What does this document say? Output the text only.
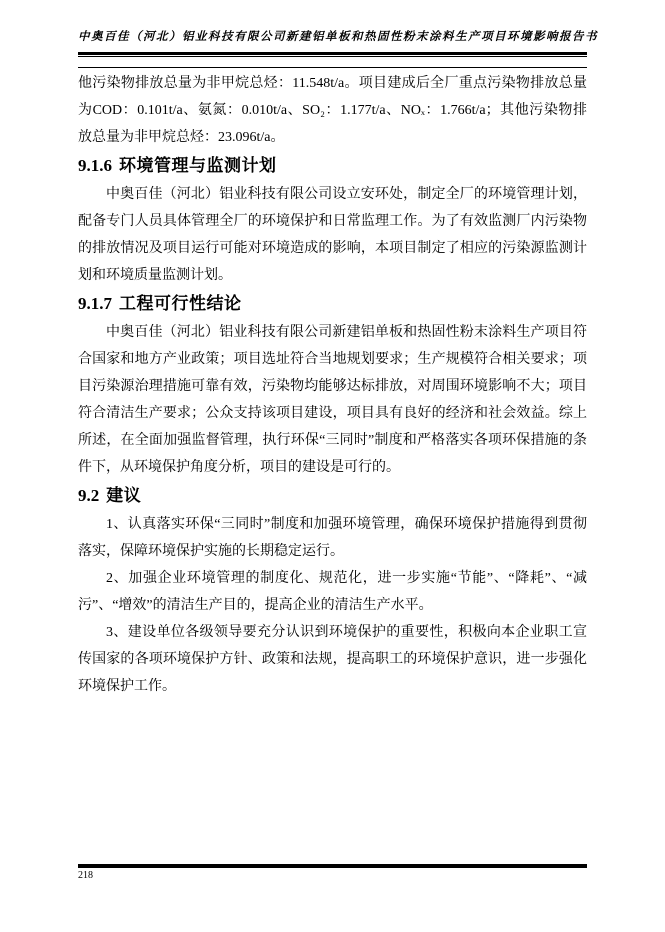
中奥百佳（河北）铝业科技有限公司新建铝单板和热固性粉末涂料生产项目环境影响报告书

他污染物排放总量为非甲烷总烃：11.548t/a。项目建成后全厂重点污染物排放总量为COD：0.101t/a、氨氮：0.010t/a、SO₂：1.177t/a、NOₓ：1.766t/a；其他污染物排放总量为非甲烷总烃：23.096t/a。

9.1.6 环境管理与监测计划

中奥百佳（河北）铝业科技有限公司设立安环处，制定全厂的环境管理计划，配备专门人员具体管理全厂的环境保护和日常监理工作。为了有效监测厂内污染物的排放情况及项目运行可能对环境造成的影响，本项目制定了相应的污染源监测计划和环境质量监测计划。

9.1.7 工程可行性结论

中奥百佳（河北）铝业科技有限公司新建铝单板和热固性粉末涂料生产项目符合国家和地方产业政策；项目选址符合当地规划要求；生产规模符合相关要求；项目污染源治理措施可靠有效，污染物均能够达标排放，对周围环境影响不大；项目符合清洁生产要求；公众支持该项目建设，项目具有良好的经济和社会效益。综上所述，在全面加强监督管理，执行环保“三同时”制度和严格落实各项环保措施的条件下，从环境保护角度分析，项目的建设是可行的。

9.2 建议

1、认真落实环保“三同时”制度和加强环境管理，确保环境保护措施得到贯彻落实，保障环境保护实施的长期稳定运行。

2、加强企业环境管理的制度化、规范化，进一步实施“节能”、“降耗”、“减污”、“增效”的清洁生产目的，提高企业的清洁生产水平。

3、建设单位各级领导要充分认识到环境保护的重要性，积极向本企业职工宣传国家的各项环境保护方针、政策和法规，提高职工的环境保护意识，进一步强化环境保护工作。

218
